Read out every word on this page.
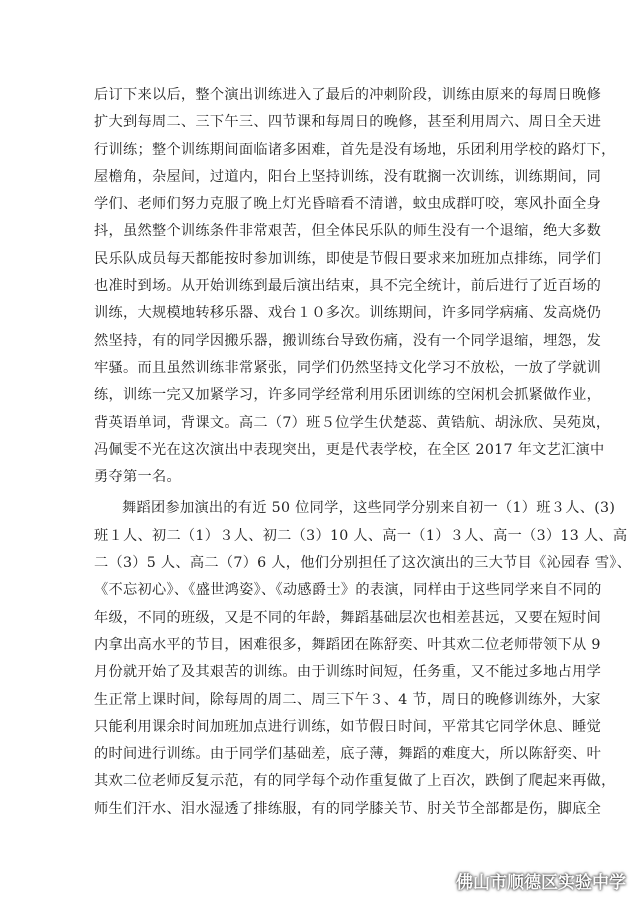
后订下来以后，整个演出训练进入了最后的冲刺阶段，训练由原来的每周日晚修
扩大到每周二、三下午三、四节课和每周日的晚修，甚至利用周六、周日全天进
行训练；整个训练期间面临诸多困难，首先是没有场地，乐团利用学校的路灯下，
屋檐角，杂屋间，过道内，阳台上坚持训练，没有耽搁一次训练，训练期间，同
学们、老师们努力克服了晚上灯光昏暗看不清谱，蚊虫成群叮咬，寒风扑面全身
抖，虽然整个训练条件非常艰苦，但全体民乐队的师生没有一个退缩，绝大多数
民乐队成员每天都能按时参加训练，即使是节假日要求来加班加点排练，同学们
也准时到场。从开始训练到最后演出结束，具不完全统计，前后进行了近百场的
训练，大规模地转移乐器、戏台１０多次。训练期间，许多同学病痛、发高烧仍
然坚持，有的同学因搬乐器，搬训练台导致伤痛，没有一个同学退缩，埋怨，发
牢骚。而且虽然训练非常紧张，同学们仍然坚持文化学习不放松，一放了学就训
练，训练一完又加紧学习，许多同学经常利用乐团训练的空闲机会抓紧做作业，
背英语单词，背课文。高二（7）班５位学生伏楚蕊、黄锆航、胡泳欣、吴苑岚，
冯佩雯不光在这次演出中表现突出，更是代表学校，在全区 2017 年文艺汇演中
勇夺第一名。
舞蹈团参加演出的有近 50 位同学，这些同学分别来自初一（1）班３人、(3)
班１人、初二（1）３人、初二（3）10 人、高一（1）３人、高一（3）13 人、高
二（3）5 人、高二（7）6 人，他们分别担任了这次演出的三大节目《沁园春 雪》、
《不忘初心》、《盛世鸿姿》、《动感爵士》的表演，同样由于这些同学来自不同的
年级，不同的班级，又是不同的年龄，舞蹈基础层次也相差甚远，又要在短时间
内拿出高水平的节目，困难很多，舞蹈团在陈舒奕、叶其欢二位老师带领下从 9
月份就开始了及其艰苦的训练。由于训练时间短，任务重，又不能过多地占用学
生正常上课时间，除每周的周二、周三下午３、4 节，周日的晚修训练外，大家
只能利用课余时间加班加点进行训练，如节假日时间，平常其它同学休息、睡觉
的时间进行训练。由于同学们基础差，底子薄，舞蹈的难度大，所以陈舒奕、叶
其欢二位老师反复示范，有的同学每个动作重复做了上百次，跌倒了爬起来再做，
师生们汗水、泪水湿透了排练服，有的同学膝关节、肘关节全部都是伤，脚底全
佛山市顺德区实验中学
